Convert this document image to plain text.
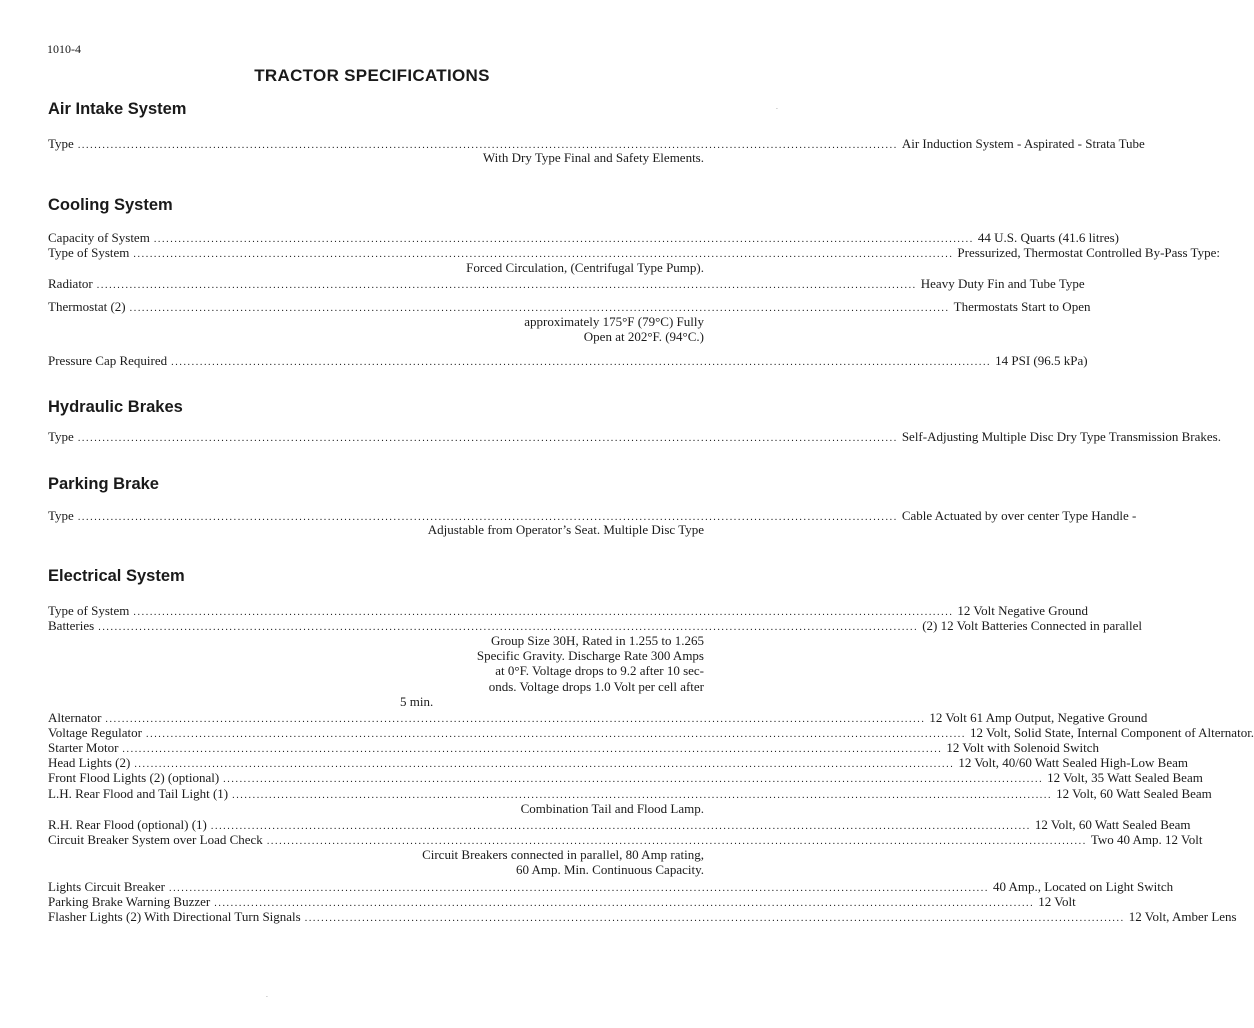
1010-4
TRACTOR SPECIFICATIONS
·
Air Intake System
Type ........................................................................................................................................................................................................ Air Induction System - Aspirated - Strata Tube
With Dry Type Final and Safety Elements.
Cooling System
Capacity of System ........................................................................................................................................................................................................ 44 U.S. Quarts (41.6 litres)
Type of System ........................................................................................................................................................................................................ Pressurized, Thermostat Controlled By-Pass Type:
Forced Circulation, (Centrifugal Type Pump).
Radiator ........................................................................................................................................................................................................ Heavy Duty Fin and Tube Type
Thermostat (2) ........................................................................................................................................................................................................ Thermostats Start to Open
approximately 175°F (79°C) Fully
Open at 202°F. (94°C.)
Pressure Cap Required ........................................................................................................................................................................................................ 14 PSI (96.5 kPa)
Hydraulic Brakes
Type ........................................................................................................................................................................................................ Self-Adjusting Multiple Disc Dry Type Transmission Brakes.
Parking Brake
Type ........................................................................................................................................................................................................ Cable Actuated by over center Type Handle -
Adjustable from Operator’s Seat. Multiple Disc Type
Electrical System
Type of System ........................................................................................................................................................................................................ 12 Volt Negative Ground
Batteries ........................................................................................................................................................................................................ (2) 12 Volt Batteries Connected in parallel
Group Size 30H, Rated in 1.255 to 1.265
Specific Gravity. Discharge Rate 300 Amps
at 0°F. Voltage drops to 9.2 after 10 sec-
onds. Voltage drops 1.0 Volt per cell after
5 min.
Alternator ........................................................................................................................................................................................................ 12 Volt 61 Amp Output, Negative Ground
Voltage Regulator ........................................................................................................................................................................................................ 12 Volt, Solid State, Internal Component of Alternator.
Starter Motor ........................................................................................................................................................................................................ 12 Volt with Solenoid Switch
Head Lights (2) ........................................................................................................................................................................................................ 12 Volt, 40/60 Watt Sealed High-Low Beam
Front Flood Lights (2) (optional) ........................................................................................................................................................................................................ 12 Volt, 35 Watt Sealed Beam
L.H. Rear Flood and Tail Light (1) ........................................................................................................................................................................................................ 12 Volt, 60 Watt Sealed Beam
Combination Tail and Flood Lamp.
R.H. Rear Flood (optional) (1) ........................................................................................................................................................................................................ 12 Volt, 60 Watt Sealed Beam
Circuit Breaker System over Load Check ........................................................................................................................................................................................................ Two 40 Amp. 12 Volt
Circuit Breakers connected in parallel, 80 Amp rating,
60 Amp. Min. Continuous Capacity.
Lights Circuit Breaker ........................................................................................................................................................................................................ 40 Amp., Located on Light Switch
Parking Brake Warning Buzzer ........................................................................................................................................................................................................ 12 Volt
Flasher Lights (2) With Directional Turn Signals ........................................................................................................................................................................................................ 12 Volt, Amber Lens
·
